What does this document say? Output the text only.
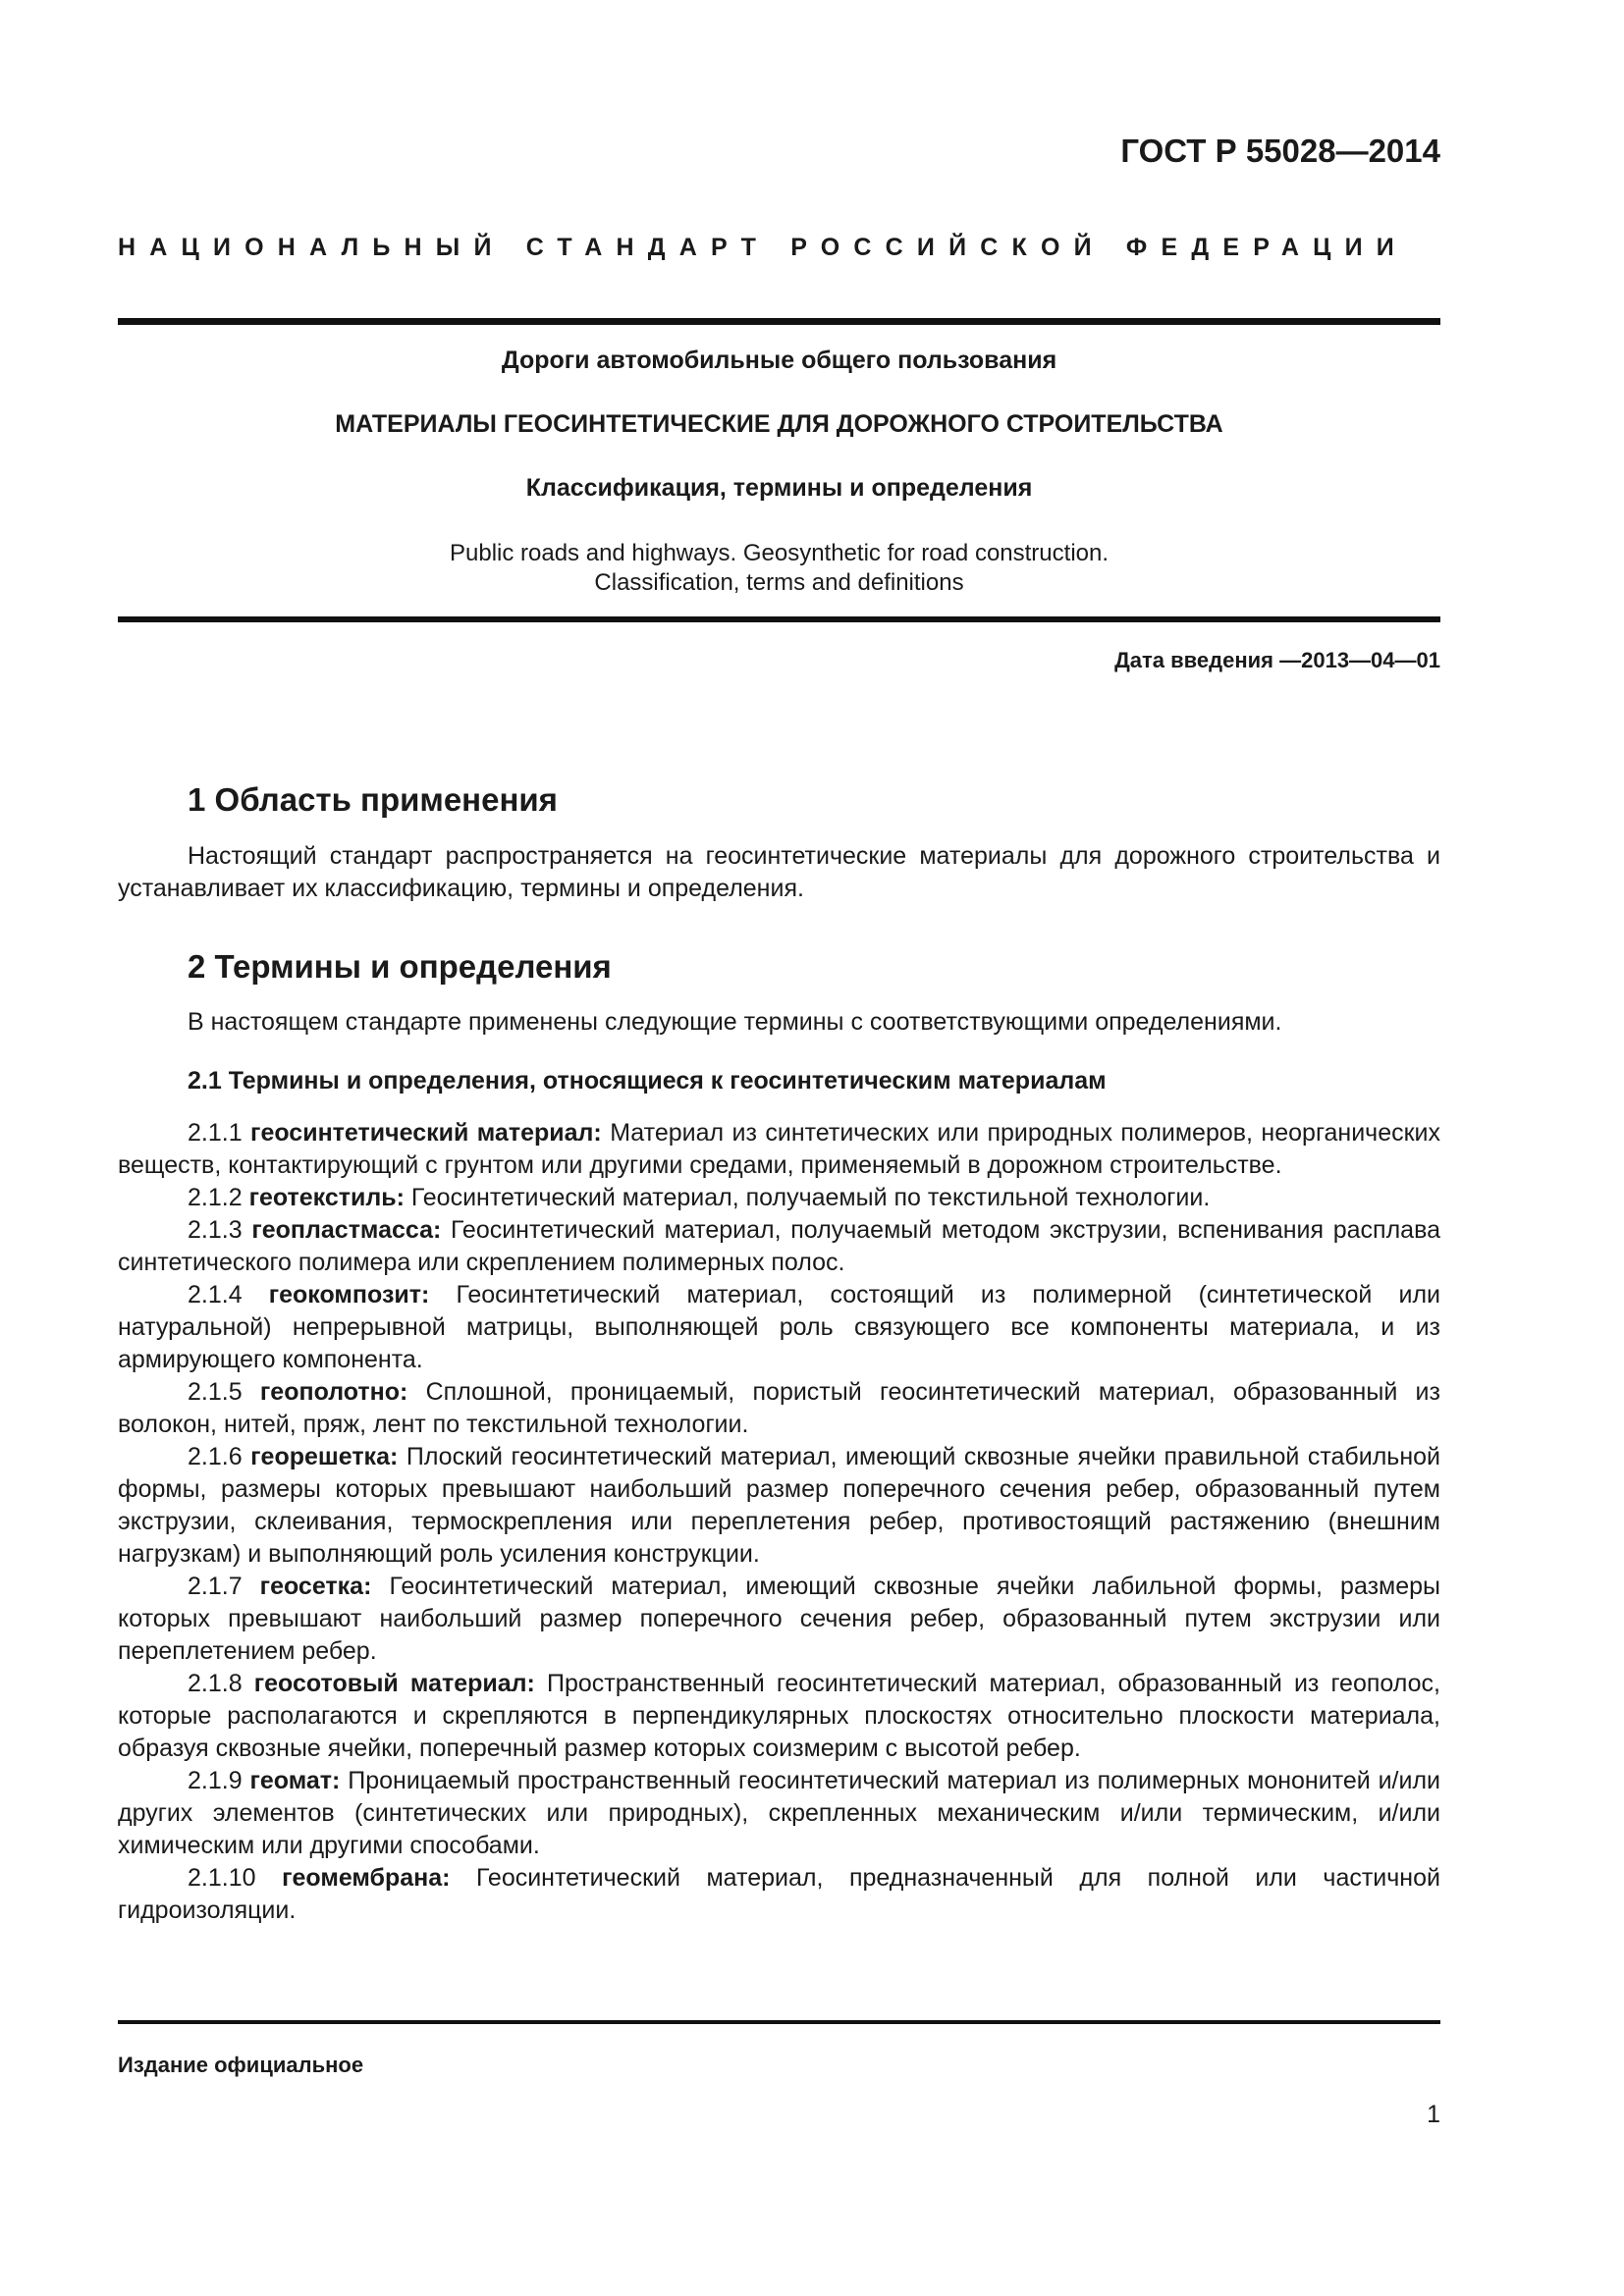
ГОСТ Р 55028—2014
НАЦИОНАЛЬНЫЙ СТАНДАРТ РОССИЙСКОЙ ФЕДЕРАЦИИ
Дороги автомобильные общего пользования
МАТЕРИАЛЫ ГЕОСИНТЕТИЧЕСКИЕ ДЛЯ ДОРОЖНОГО СТРОИТЕЛЬСТВА
Классификация, термины и определения
Public roads and highways. Geosynthetic for road construction.
Classification, terms and definitions
Дата введения —2013—04—01
1 Область применения

Настоящий стандарт распространяется на геосинтетические материалы для дорожного строительства и устанавливает их классификацию, термины и определения.

2 Термины и определения

В настоящем стандарте применены следующие термины с соответствующими определениями.

2.1 Термины и определения, относящиеся к геосинтетическим материалам
2.1.1 геосинтетический материал: Материал из синтетических или природных полимеров, неорганических веществ, контактирующий с грунтом или другими средами, применяемый в дорожном строительстве.
2.1.2 геотекстиль: Геосинтетический материал, получаемый по текстильной технологии.
2.1.3 геопластмасса: Геосинтетический материал, получаемый методом экструзии, вспенивания расплава синтетического полимера или скреплением полимерных полос.
2.1.4 геокомпозит: Геосинтетический материал, состоящий из полимерной (синтетической или натуральной) непрерывной матрицы, выполняющей роль связующего все компоненты материала, и из армирующего компонента.
2.1.5 геополотно: Сплошной, проницаемый, пористый геосинтетический материал, образованный из волокон, нитей, пряж, лент по текстильной технологии.
2.1.6 георешетка: Плоский геосинтетический материал, имеющий сквозные ячейки правильной стабильной формы, размеры которых превышают наибольший размер поперечного сечения ребер, образованный путем экструзии, склеивания, термоскрепления или переплетения ребер, противостоящий растяжению (внешним нагрузкам) и выполняющий роль усиления конструкции.
2.1.7 геосетка: Геосинтетический материал, имеющий сквозные ячейки лабильной формы, размеры которых превышают наибольший размер поперечного сечения ребер, образованный путем экструзии или переплетением ребер.
2.1.8 геосотовый материал: Пространственный геосинтетический материал, образованный из геополос, которые располагаются и скрепляются в перпендикулярных плоскостях относительно плоскости материала, образуя сквозные ячейки, поперечный размер которых соизмерим с высотой ребер.
2.1.9 геомат: Проницаемый пространственный геосинтетический материал из полимерных мононитей и/или других элементов (синтетических или природных), скрепленных механическим и/или термическим, и/или химическим или другими способами.
2.1.10 геомембрана: Геосинтетический материал, предназначенный для полной или частичной гидроизоляции.
Издание официальное
1
